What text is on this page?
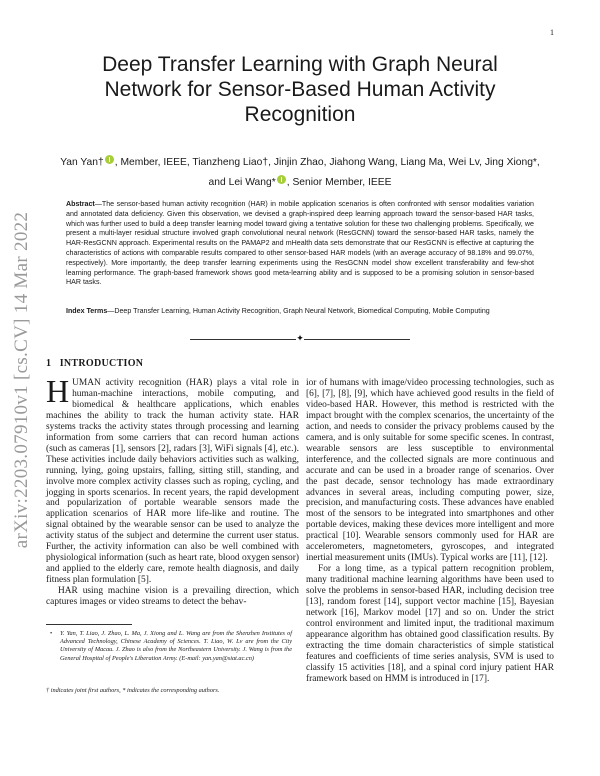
1
arXiv:2203.07910v1 [cs.CV] 14 Mar 2022
Deep Transfer Learning with Graph Neural
Network for Sensor-Based Human Activity
Recognition
Yan Yan† , Member, IEEE, Tianzheng Liao†, Jinjin Zhao, Jiahong Wang, Liang Ma, Wei Lv, Jing Xiong*,
and Lei Wang* , Senior Member, IEEE
Abstract—The sensor-based human activity recognition (HAR) in mobile application scenarios is often confronted with sensor modalities variation and annotated data deficiency. Given this observation, we devised a graph-inspired deep learning approach toward the sensor-based HAR tasks, which was further used to build a deep transfer learning model toward giving a tentative solution for these two challenging problems. Specifically, we present a multi-layer residual structure involved graph convolutional neural network (ResGCNN) toward the sensor-based HAR tasks, namely the HAR-ResGCNN approach. Experimental results on the PAMAP2 and mHealth data sets demonstrate that our ResGCNN is effective at capturing the characteristics of actions with comparable results compared to other sensor-based HAR models (with an average accuracy of 98.18% and 99.07%, respectively). More importantly, the deep transfer learning experiments using the ResGCNN model show excellent transferability and few-shot learning performance. The graph-based framework shows good meta-learning ability and is supposed to be a promising solution in sensor-based HAR tasks.
Index Terms—Deep Transfer Learning, Human Activity Recognition, Graph Neural Network, Biomedical Computing, Mobile Computing
✦
1 INTRODUCTION

HUMAN activity recognition (HAR) plays a vital role in human-machine interactions, mobile computing, and biomedical & healthcare applications, which enables machines the ability to track the human activity state. HAR systems tracks the activity states through processing and learning information from some carriers that can record human actions (such as cameras [1], sensors [2], radars [3], WiFi signals [4], etc.). These activities include daily behaviors activities such as walking, running, lying, going upstairs, falling, sitting still, standing, and involve more complex activity classes such as roping, cycling, and jogging in sports scenarios. In recent years, the rapid development and popularization of portable wearable sensors made the application scenarios of HAR more life-like and routine. The signal obtained by the wearable sensor can be used to analyze the activity status of the subject and determine the current user status. Further, the activity information can also be well combined with physiological information (such as heart rate, blood oxygen sensor) and applied to the elderly care, remote health diagnosis, and daily fitness plan formulation [5].

HAR using machine vision is a prevailing direction, which captures images or video streams to detect the behav-

ior of humans with image/video processing technologies, such as [6], [7], [8], [9], which have achieved good results in the field of video-based HAR. However, this method is restricted with the impact brought with the complex scenarios, the uncertainty of the action, and needs to consider the privacy problems caused by the camera, and is only suitable for some specific scenes. In contrast, wearable sensors are less susceptible to environmental interference, and the collected signals are more continuous and accurate and can be used in a broader range of scenarios. Over the past decade, sensor technology has made extraordinary advances in several areas, including computing power, size, precision, and manufacturing costs. These advances have enabled most of the sensors to be integrated into smartphones and other portable devices, making these devices more intelligent and more practical [10]. Wearable sensors commonly used for HAR are accelerometers, magnetometers, gyroscopes, and integrated inertial measurement units (IMUs). Typical works are [11], [12].

For a long time, as a typical pattern recognition problem, many traditional machine learning algorithms have been used to solve the problems in sensor-based HAR, including decision tree [13], random forest [14], support vector machine [15], Bayesian network [16], Markov model [17] and so on. Under the strict control environment and limited input, the traditional maximum appearance algorithm has obtained good classification results. By extracting the time domain characteristics of simple statistical features and coefficients of time series analysis, SVM is used to classify 15 activities [18], and a spinal cord injury patient HAR framework based on HMM is introduced in [17].

• Y. Yan, T. Liao, J. Zhao, L. Ma, J. Xiong and L. Wang are from the Shenzhen Institutes of Advanced Technology, Chinese Academy of Sciences. T. Liao, W. Lv are from the City University of Macau. J. Zhao is also from the Northeastern University. J. Wang is from the General Hospital of People's Liberation Army. (E-mail: yan.yan@siat.ac.cn)
† indicates joint first authors, * indicates the corresponding authors.
